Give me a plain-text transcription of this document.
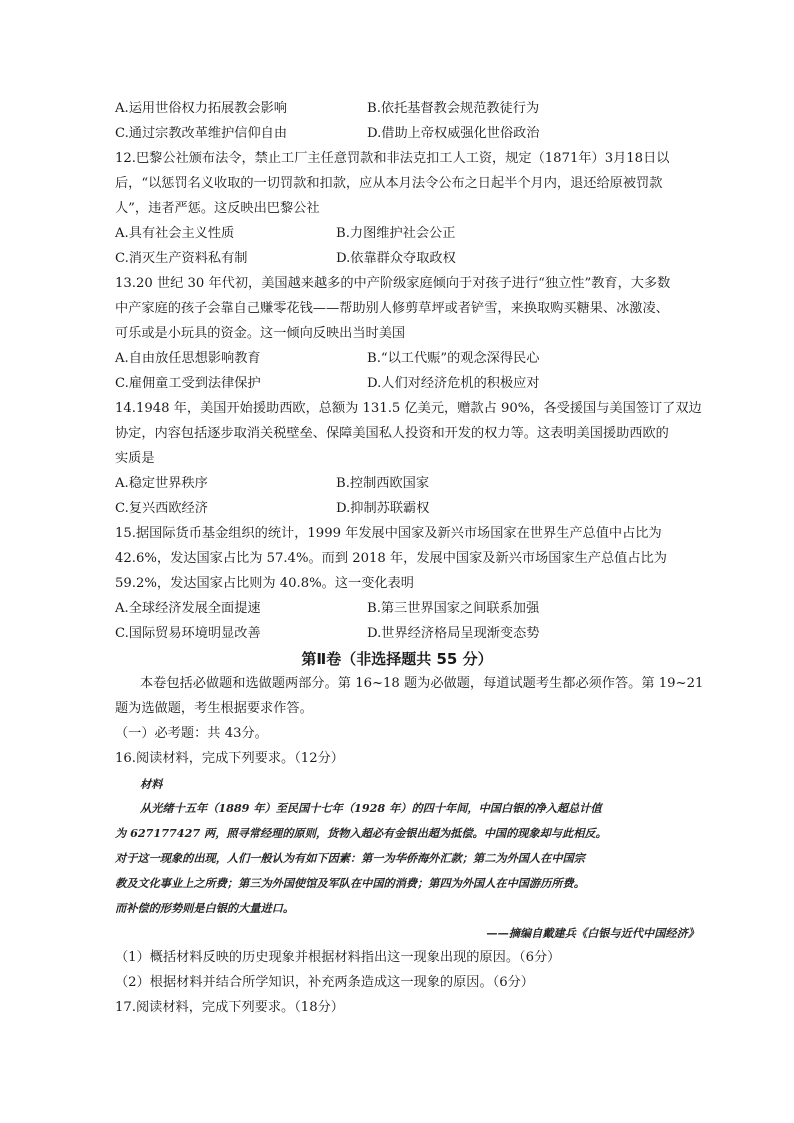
A.运用世俗权力拓展教会影响	B.依托基督教会规范教徒行为
C.通过宗教改革维护信仰自由	D.借助上帝权威强化世俗政治
12.巴黎公社颁布法令，禁止工厂主任意罚款和非法克扣工人工资，规定（1871年）3月18日以
后，“以惩罚名义收取的一切罚款和扣款，应从本月法令公布之日起半个月内，退还给原被罚款
人”，违者严惩。这反映出巴黎公社
A.具有社会主义性质	B.力图维护社会公正
C.消灭生产资料私有制	D.依靠群众夺取政权
13.20 世纪 30 年代初，美国越来越多的中产阶级家庭倾向于对孩子进行“独立性”教育，大多数
中产家庭的孩子会靠自己赚零花钱——帮助别人修剪草坪或者铲雪，来换取购买糖果、冰激凌、
可乐或是小玩具的资金。这一倾向反映出当时美国
A.自由放任思想影响教育	B.“以工代赈”的观念深得民心
C.雇佣童工受到法律保护	D.人们对经济危机的积极应对
14.1948 年，美国开始援助西欧，总额为 131.5 亿美元，赠款占 90%，各受援国与美国签订了双边
协定，内容包括逐步取消关税壁垒、保障美国私人投资和开发的权力等。这表明美国援助西欧的
实质是
A.稳定世界秩序	B.控制西欧国家
C.复兴西欧经济	D.抑制苏联霸权
15.据国际货币基金组织的统计，1999 年发展中国家及新兴市场国家在世界生产总值中占比为
42.6%，发达国家占比为 57.4%。而到 2018 年，发展中国家及新兴市场国家生产总值占比为
59.2%，发达国家占比则为 40.8%。这一变化表明
A.全球经济发展全面提速	B.第三世界国家之间联系加强
C.国际贸易环境明显改善	D.世界经济格局呈现渐变态势
第Ⅱ卷（非选择题共 55 分）
本卷包括必做题和选做题两部分。第 16~18 题为必做题，每道试题考生都必须作答。第 19~21
题为选做题，考生根据要求作答。
（一）必考题：共 43分。
16.阅读材料，完成下列要求。（12分）
材料
从光绪十五年（1889 年）至民国十七年（1928 年）的四十年间，中国白银的净入超总计值
为 627177427 两，照寻常经理的原则，货物入超必有金银出超为抵偿。中国的现象却与此相反。
对于这一现象的出现，人们一般认为有如下因素：第一为华侨海外汇款；第二为外国人在中国宗
教及文化事业上之所费；第三为外国使馆及军队在中国的消费；第四为外国人在中国游历所费。
而补偿的形势则是白银的大量进口。
——摘编自戴建兵《白银与近代中国经济》
（1）概括材料反映的历史现象并根据材料指出这一现象出现的原因。（6分）
（2）根据材料并结合所学知识，补充两条造成这一现象的原因。（6分）
17.阅读材料，完成下列要求。（18分）
